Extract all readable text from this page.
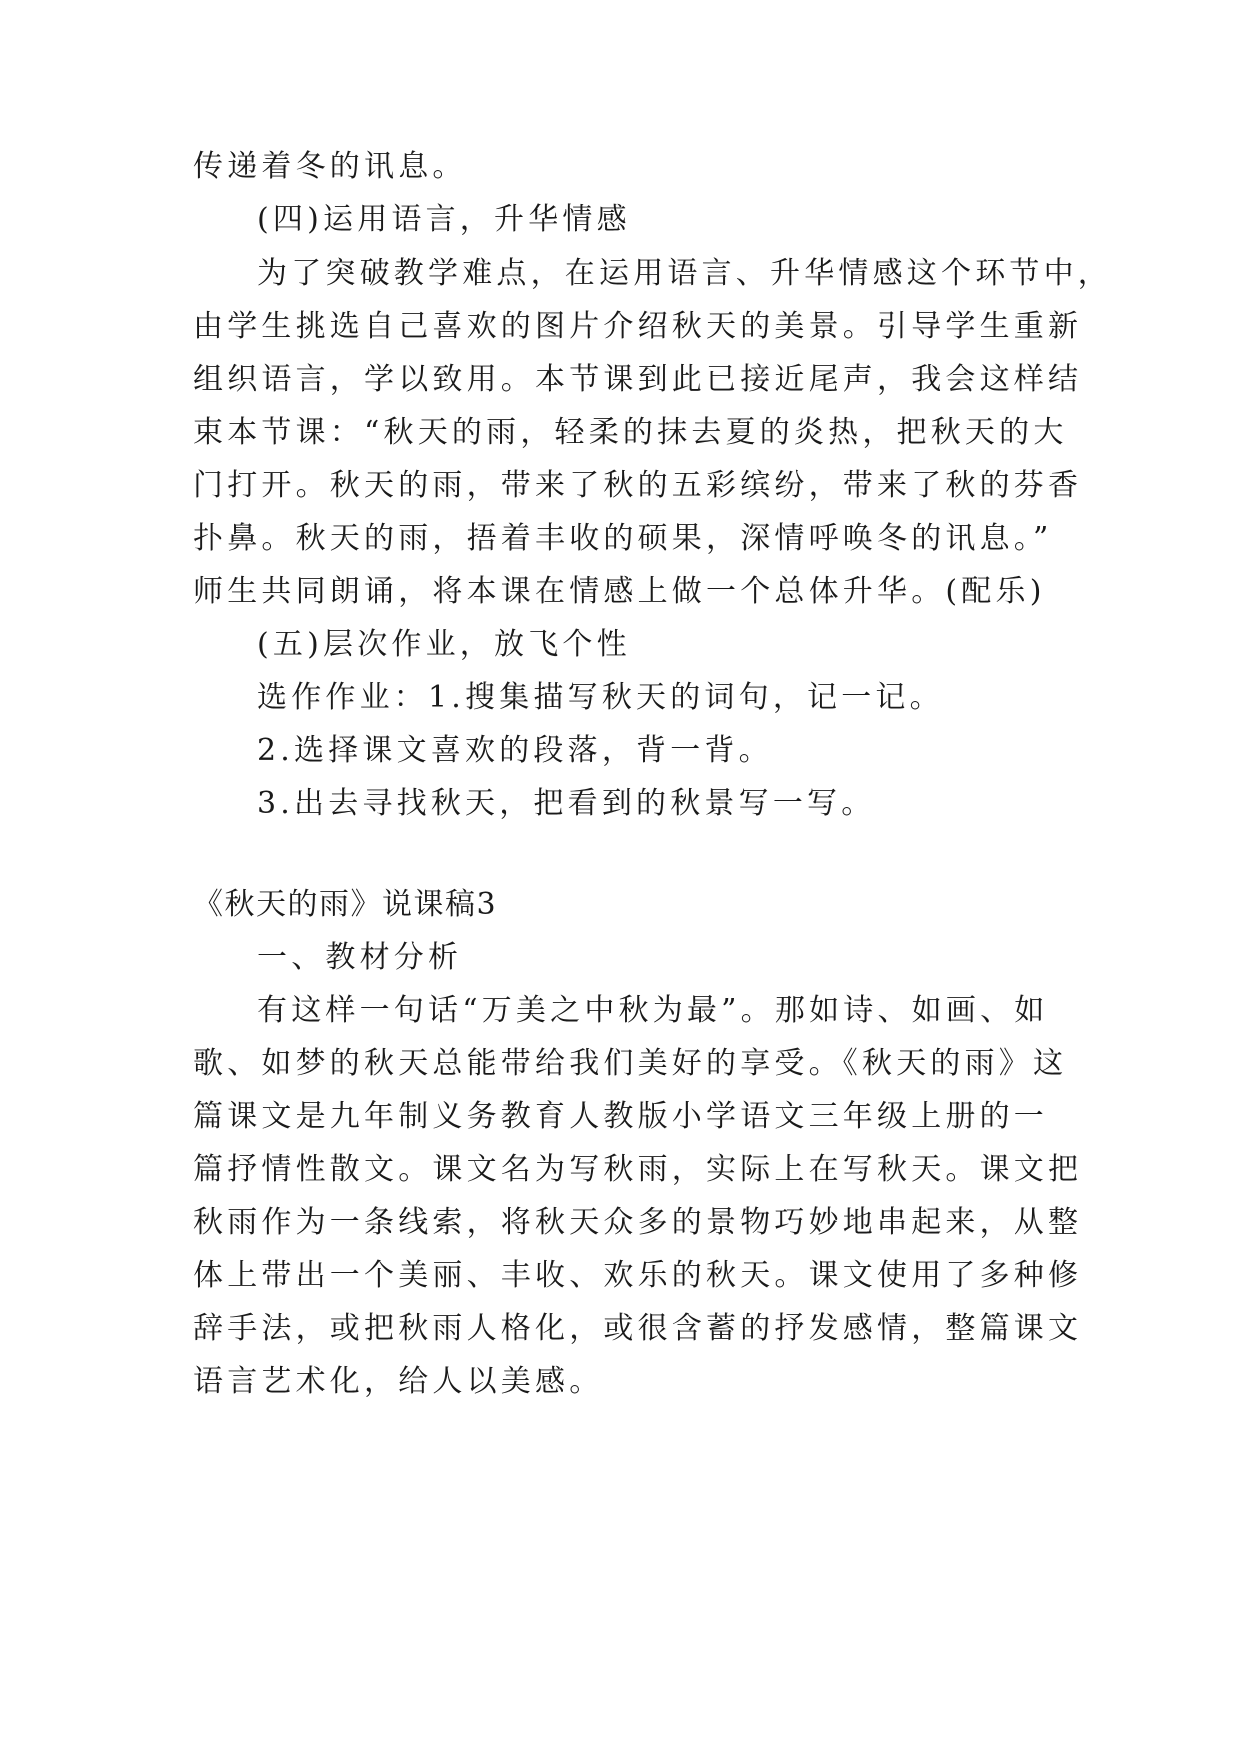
传递着冬的讯息。
(四)运用语言，升华情感
为了突破教学难点，在运用语言、升华情感这个环节中，
由学生挑选自己喜欢的图片介绍秋天的美景。引导学生重新
组织语言，学以致用。本节课到此已接近尾声，我会这样结
束本节课：“秋天的雨，轻柔的抹去夏的炎热，把秋天的大
门打开。秋天的雨，带来了秋的五彩缤纷，带来了秋的芬香
扑鼻。秋天的雨，捂着丰收的硕果，深情呼唤冬的讯息。”
师生共同朗诵，将本课在情感上做一个总体升华。(配乐)
(五)层次作业，放飞个性
选作作业：1.搜集描写秋天的词句，记一记。
2.选择课文喜欢的段落，背一背。
3.出去寻找秋天，把看到的秋景写一写。
《秋天的雨》说课稿3
一、教材分析
有这样一句话“万美之中秋为最”。那如诗、如画、如
歌、如梦的秋天总能带给我们美好的享受。《秋天的雨》这
篇课文是九年制义务教育人教版小学语文三年级上册的一
篇抒情性散文。课文名为写秋雨，实际上在写秋天。课文把
秋雨作为一条线索，将秋天众多的景物巧妙地串起来，从整
体上带出一个美丽、丰收、欢乐的秋天。课文使用了多种修
辞手法，或把秋雨人格化，或很含蓄的抒发感情，整篇课文
语言艺术化，给人以美感。
